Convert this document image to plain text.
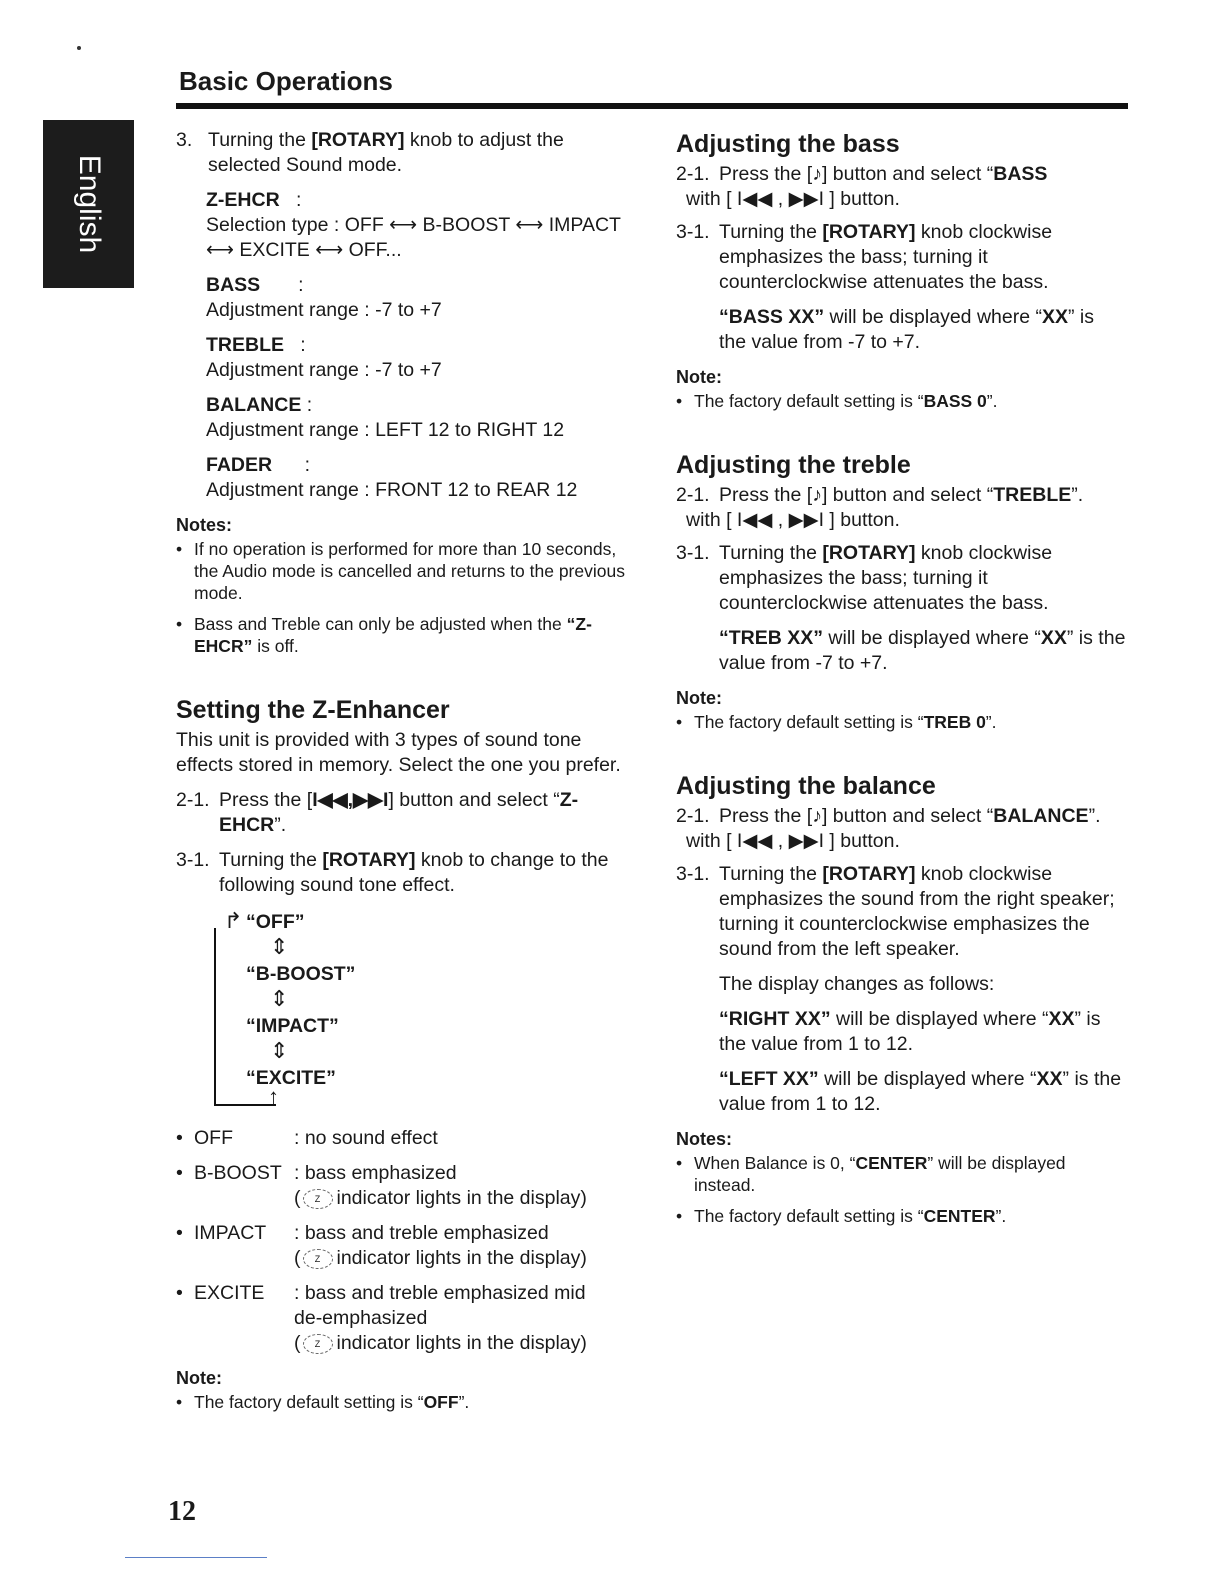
Basic Operations
English
3. Turning the [ROTARY] knob to adjust the selected Sound mode.
Z-EHCR :
Selection type : OFF ⟷ B-BOOST ⟷ IMPACT ⟷ EXCITE ⟷ OFF...
BASS :
Adjustment range : -7 to +7
TREBLE :
Adjustment range : -7 to +7
BALANCE :
Adjustment range : LEFT 12 to RIGHT 12
FADER :
Adjustment range : FRONT 12 to REAR 12
Notes:
• If no operation is performed for more than 10 seconds, the Audio mode is cancelled and returns to the previous mode.
• Bass and Treble can only be adjusted when the “Z-EHCR” is off.
Setting the Z-Enhancer

This unit is provided with 3 types of sound tone effects stored in memory. Select the one you prefer.

2-1. Press the [I◀◀,▶▶I] button and select “Z-EHCR”.
3-1. Turning the [ROTARY] knob to change to the following sound tone effect.
↱ “OFF”
⇕
“B-BOOST”
⇕
“IMPACT”
⇕
“EXCITE”
↑
• OFF	: no sound effect
• B-BOOST : bass emphasized
( Z indicator lights in the display)
• IMPACT : bass and treble emphasized
( Z indicator lights in the display)
• EXCITE : bass and treble emphasized mid de-emphasized
( Z indicator lights in the display)
Note:
• The factory default setting is “OFF”.
Adjusting the bass
2-1. Press the [♪] button and select “BASS
with [ I◀◀ , ▶▶I ] button.
3-1. Turning the [ROTARY] knob clockwise emphasizes the bass; turning it counterclockwise attenuates the bass.
“BASS XX” will be displayed where “XX” is the value from -7 to +7.
Note:
• The factory default setting is “BASS 0”.
Adjusting the treble
2-1. Press the [♪] button and select “TREBLE”.
with [ I◀◀ , ▶▶I ] button.
3-1. Turning the [ROTARY] knob clockwise emphasizes the bass; turning it counterclockwise attenuates the bass.
“TREB XX” will be displayed where “XX” is the value from -7 to +7.
Note:
• The factory default setting is “TREB 0”.
Adjusting the balance
2-1. Press the [♪] button and select “BALANCE”.
with [ I◀◀ , ▶▶I ] button.
3-1. Turning the [ROTARY] knob clockwise emphasizes the sound from the right speaker; turning it counterclockwise emphasizes the sound from the left speaker.
The display changes as follows:
“RIGHT XX” will be displayed where “XX” is the value from 1 to 12.
“LEFT XX” will be displayed where “XX” is the value from 1 to 12.
Notes:
• When Balance is 0, “CENTER” will be displayed instead.
• The factory default setting is “CENTER”.
12
